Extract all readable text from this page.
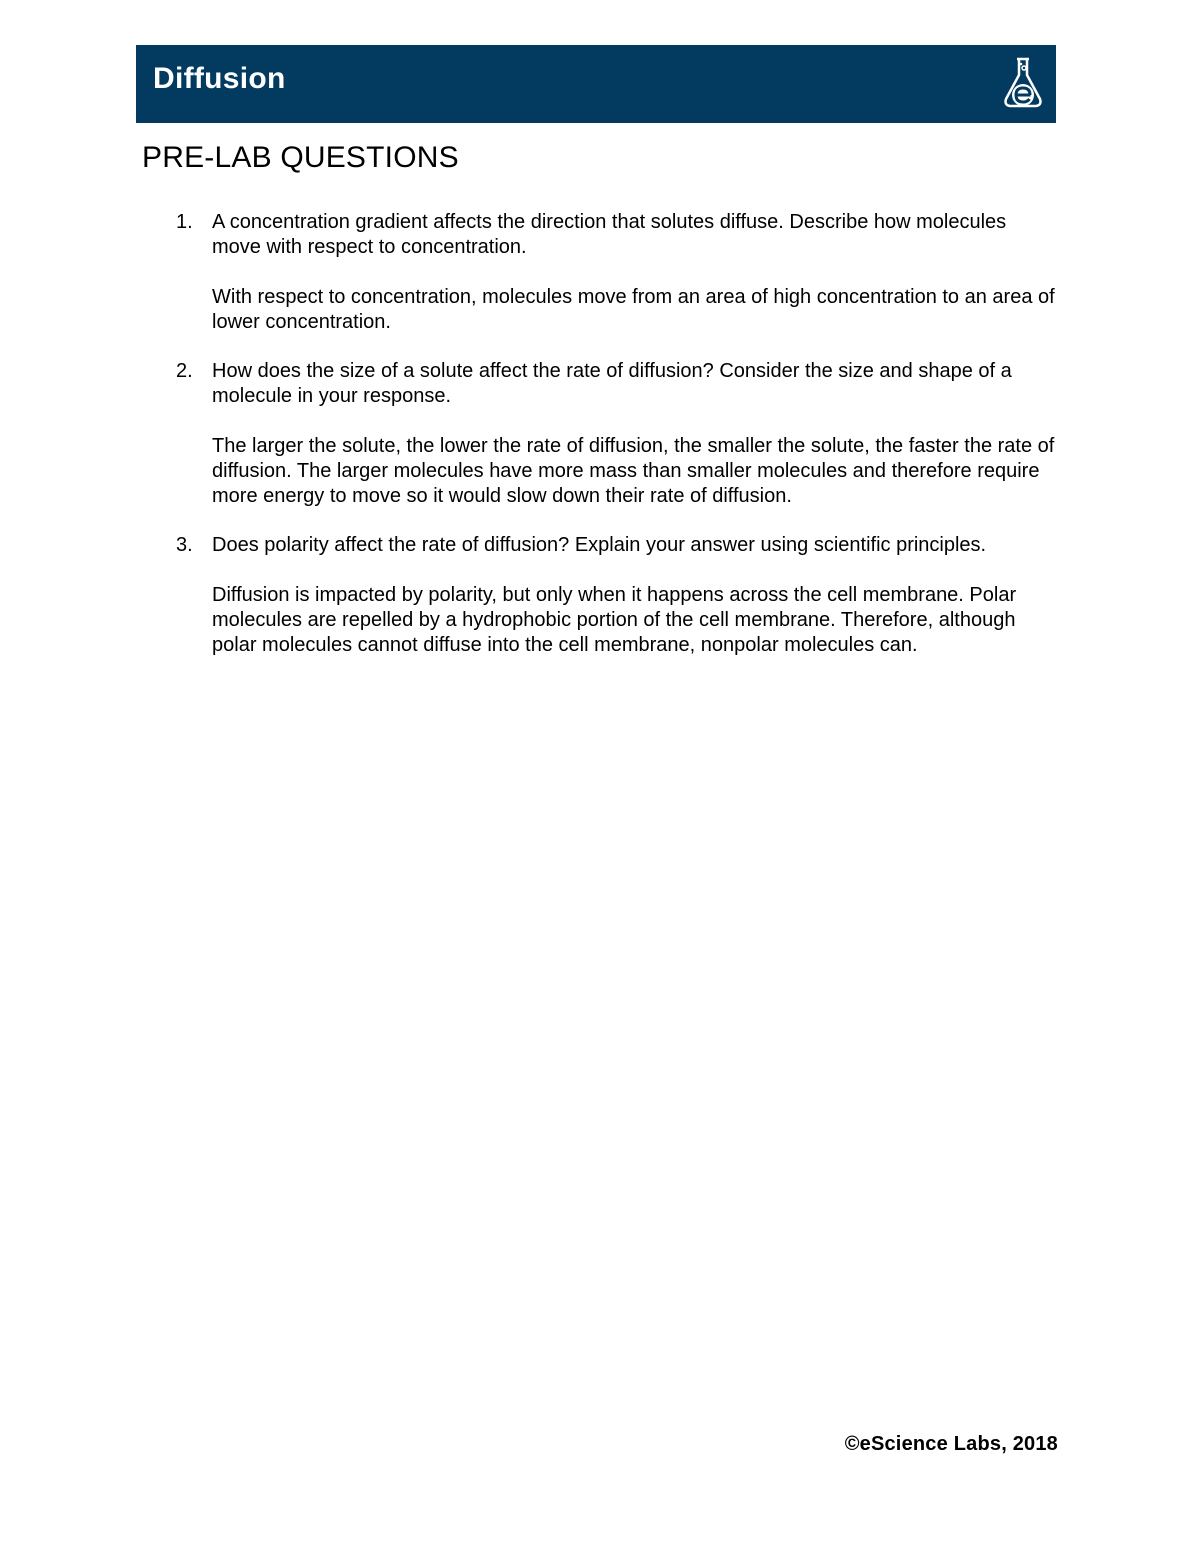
Diffusion
PRE-LAB QUESTIONS
1. A concentration gradient affects the direction that solutes diffuse. Describe how molecules move with respect to concentration.

With respect to concentration, molecules move from an area of high concentration to an area of lower concentration.

2. How does the size of a solute affect the rate of diffusion? Consider the size and shape of a molecule in your response.

The larger the solute, the lower the rate of diffusion, the smaller the solute, the faster the rate of diffusion. The larger molecules have more mass than smaller molecules and therefore require more energy to move so it would slow down their rate of diffusion.

3. Does polarity affect the rate of diffusion? Explain your answer using scientific principles.

Diffusion is impacted by polarity, but only when it happens across the cell membrane. Polar molecules are repelled by a hydrophobic portion of the cell membrane. Therefore, although polar molecules cannot diffuse into the cell membrane, nonpolar molecules can.

©eScience Labs, 2018
